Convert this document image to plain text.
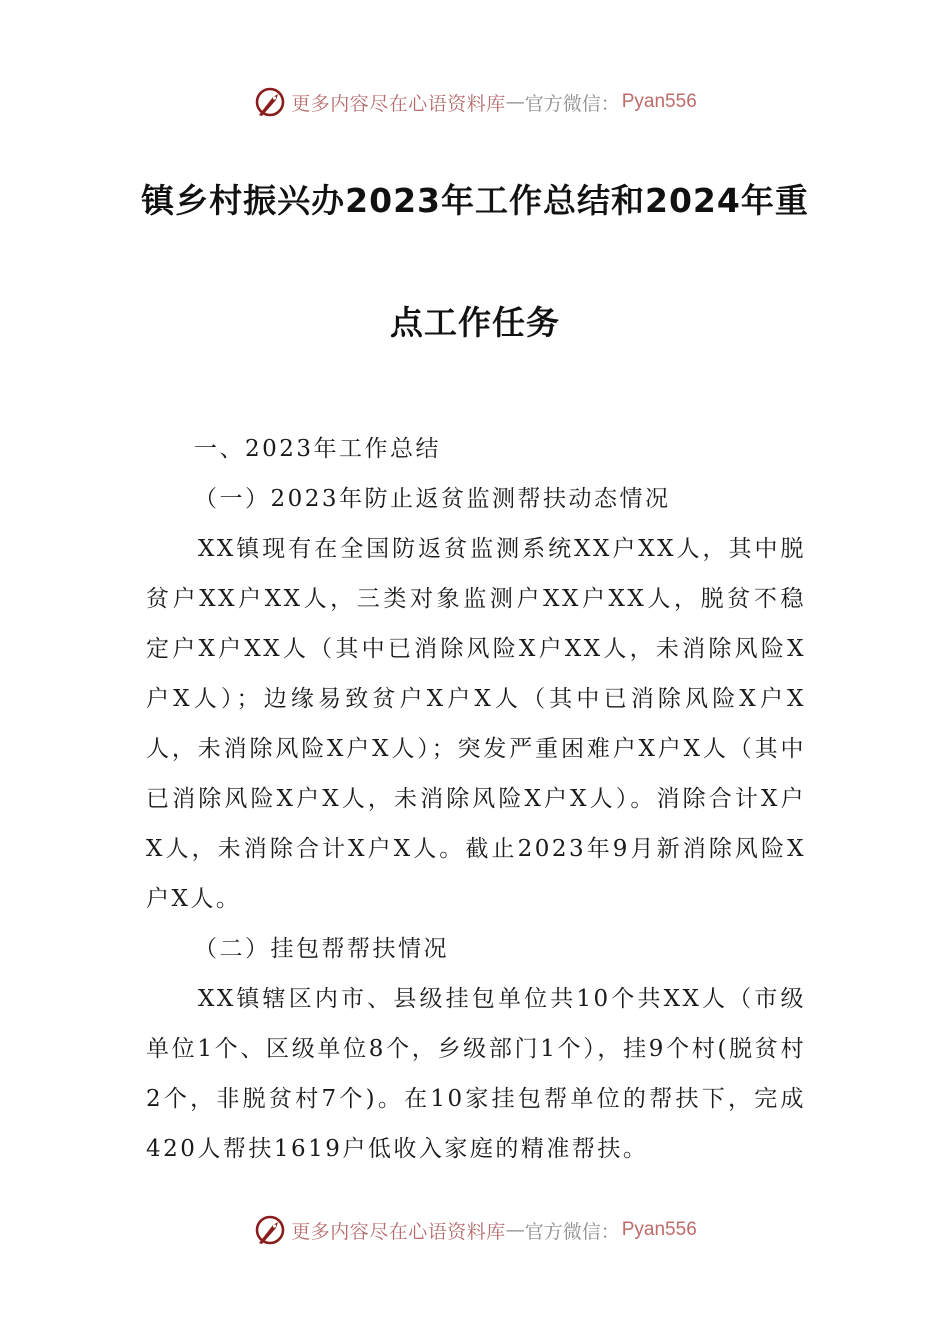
更多内容尽在心语资料库 — 官方微信： Pyan556
镇乡村振兴办2023年工作总结和2024年重
点工作任务

一、2023年工作总结

（一）2023年防止返贫监测帮扶动态情况

XX镇现有在全国防返贫监测系统XX户XX人，其中脱贫户XX户XX人，三类对象监测户XX户XX人，脱贫不稳定户X户XX人（其中已消除风险X户XX人，未消除风险X户X人）；边缘易致贫户X户X人（其中已消除风险X户X人，未消除风险X户X人）；突发严重困难户X户X人（其中已消除风险X户X人，未消除风险X户X人）。消除合计X户X人，未消除合计X户X人。截止2023年9月新消除风险X户X人。

（二）挂包帮帮扶情况

XX镇辖区内市、县级挂包单位共10个共XX人（市级单位1个、区级单位8个，乡级部门1个），挂9个村(脱贫村2个，非脱贫村7个)。在10家挂包帮单位的帮扶下，完成420人帮扶1619户低收入家庭的精准帮扶。

更多内容尽在心语资料库 — 官方微信： Pyan556
